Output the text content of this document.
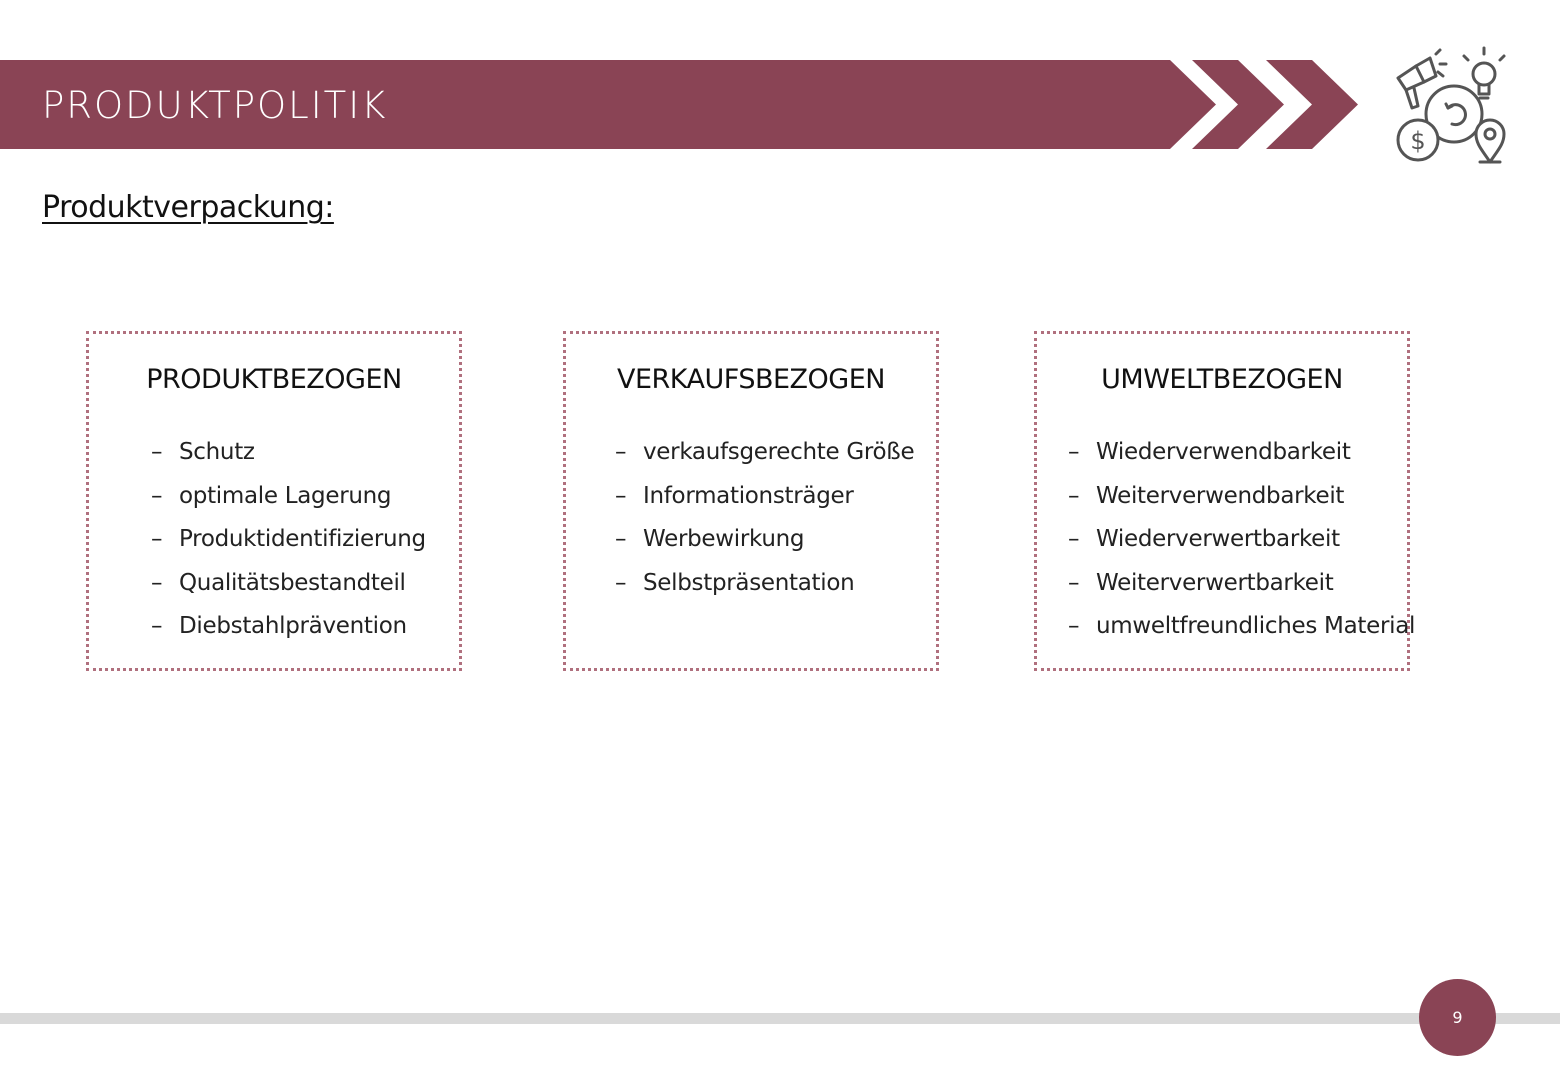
PRODUKTPOLITIK
$
Produktverpackung:
PRODUKTBEZOGEN
– Schutz
– optimale Lagerung
– Produktidentifizierung
– Qualitätsbestandteil
– Diebstahlprävention
VERKAUFSBEZOGEN
– verkaufsgerechte Größe
– Informationsträger
– Werbewirkung
– Selbstpräsentation
UMWELTBEZOGEN
– Wiederverwendbarkeit
– Weiterverwendbarkeit
– Wiederverwertbarkeit
– Weiterverwertbarkeit
– umweltfreundliches Material
9
